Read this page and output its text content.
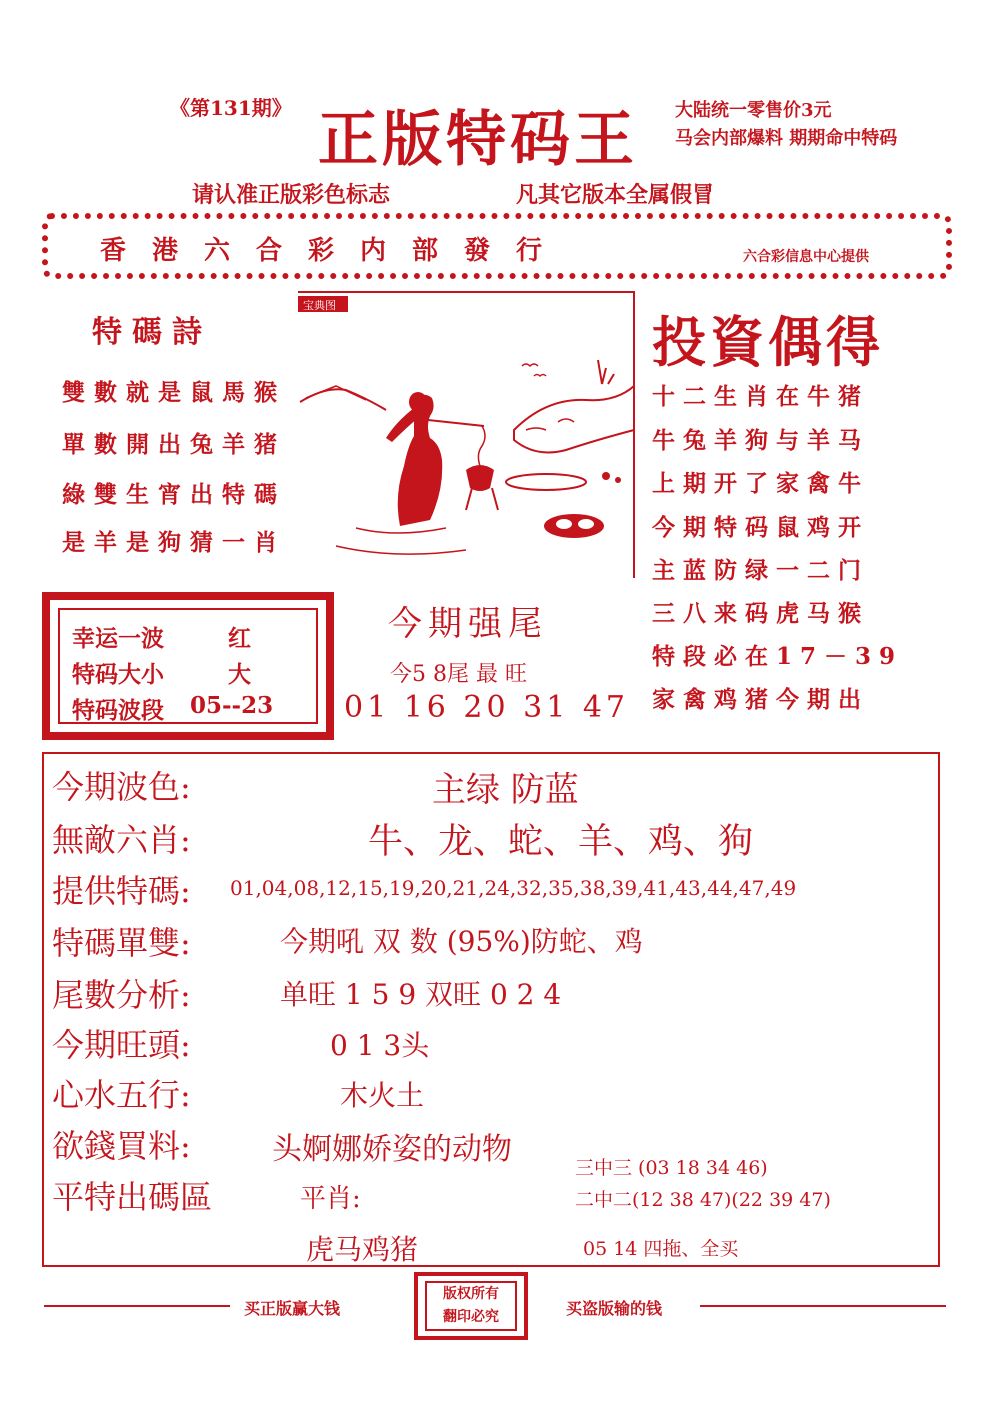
《第131期》 正版特码王 大陆统一零售价3元
马会内部爆料 期期命中特码
请认准正版彩色标志	凡其它版本全属假冒
香港六合彩内部發行	六合彩信息中心提供
特碼詩
雙數就是鼠馬猴
單數開出兔羊猪
綠雙生宵出特碼
是羊是狗猜一肖
宝典图
投資偶得
十二生肖在牛猪
牛兔羊狗与羊马
上期开了家禽牛
今期特码鼠鸡开
主蓝防绿一二门
三八来码虎马猴
特段必在17－39
家禽鸡猪今期出
幸运一波	红
特码大小	大
特码波段 05--23
今期强尾
今5 8尾 最 旺
01 16 20 31 47
今期波色:	主绿 防蓝
無敵六肖:	牛、龙、蛇、羊、鸡、狗
提供特碼: 01,04,08,12,15,19,20,21,24,32,35,38,39,41,43,44,47,49
特碼單雙:	今期吼 双 数 (95%)防蛇、鸡
尾數分析:	单旺 1 5 9 双旺 0 2 4
今期旺頭:	0 1 3头
心水五行:	木火土
欲錢買料:	头婀娜娇姿的动物
平特出碼區	平肖:
虎马鸡猪
三中三 (03 18 34 46)
二中二(12 38 47)(22 39 47)
05 14 四拖、全买
买正版赢大钱
版权所有
翻印必究	买盗版输的钱
